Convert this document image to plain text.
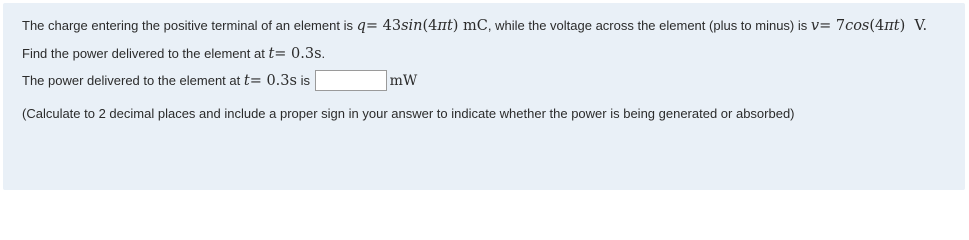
The charge entering the positive terminal of an element is q= 43sin(4πt) mC, while the voltage across the element (plus to minus) is v= 7cos(4πt)  V.
Find the power delivered to the element at t= 0.3s.
The power delivered to the element at t= 0.3s is	mW
(Calculate to 2 decimal places and include a proper sign in your answer to indicate whether the power is being generated or absorbed)
